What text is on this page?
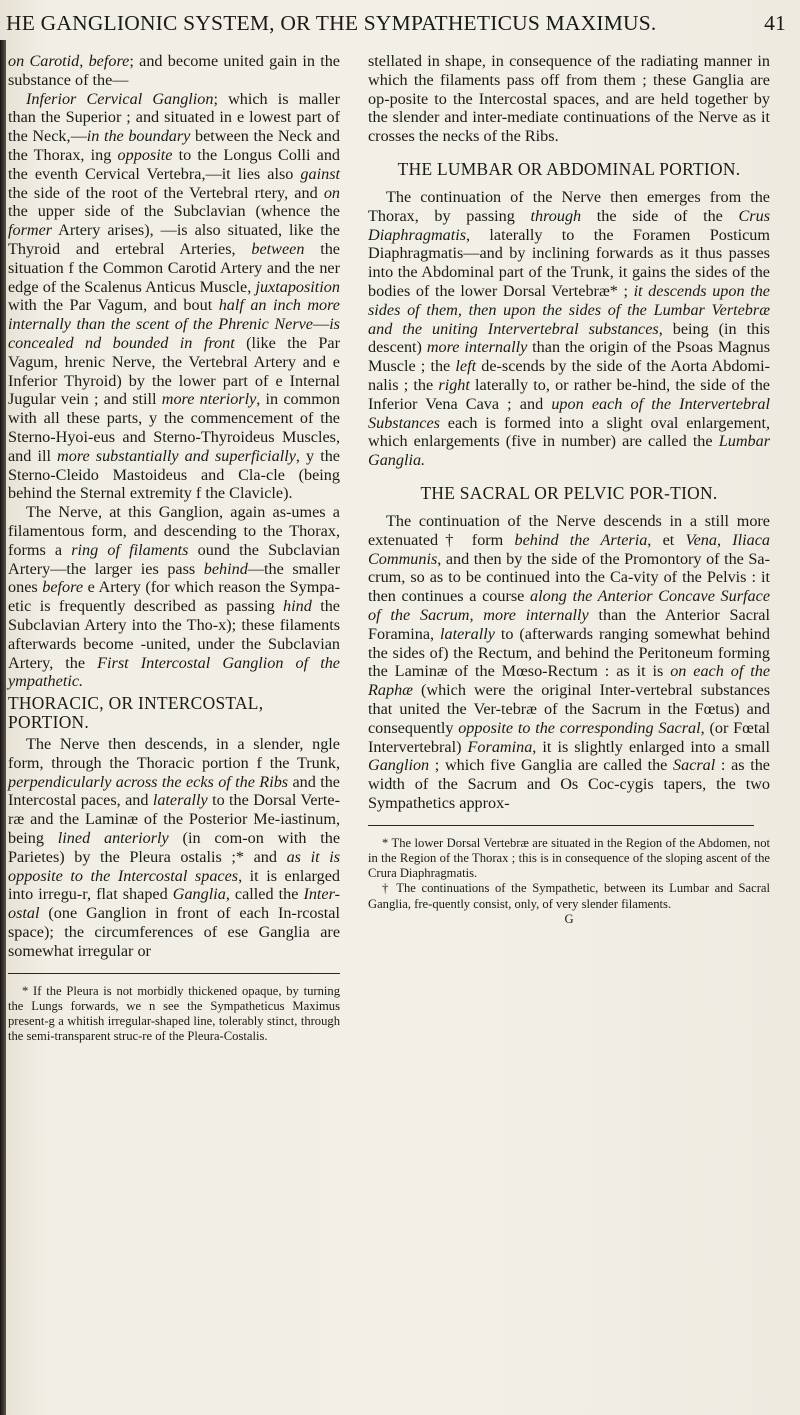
HE GANGLIONIC SYSTEM, OR THE SYMPATHETICUS MAXIMUS.	41

on Carotid, before; and become united gain in the substance of the—

Inferior Cervical Ganglion; which is maller than the Superior ; and situated in e lowest part of the Neck,—in the boundary between the Neck and the Thorax, ing opposite to the Longus Colli and the eventh Cervical Vertebra,—it lies also gainst the side of the root of the Vertebral rtery, and on the upper side of the Subclavian (whence the former Artery arises), —is also situated, like the Thyroid and ertebral Arteries, between the situation f the Common Carotid Artery and the ner edge of the Scalenus Anticus Muscle, juxtaposition with the Par Vagum, and bout half an inch more internally than the scent of the Phrenic Nerve—is concealed nd bounded in front (like the Par Vagum, hrenic Nerve, the Vertebral Artery and e Inferior Thyroid) by the lower part of e Internal Jugular vein ; and still more nteriorly, in common with all these parts, y the commencement of the Sterno-Hyoi-eus and Sterno-Thyroideus Muscles, and ill more substantially and superficially, y the Sterno-Cleido Mastoideus and Cla-cle (being behind the Sternal extremity f the Clavicle).

The Nerve, at this Ganglion, again as-umes a filamentous form, and descending to the Thorax, forms a ring of filaments ound the Subclavian Artery—the larger ies pass behind—the smaller ones before e Artery (for which reason the Sympa-etic is frequently described as passing hind the Subclavian Artery into the Tho-x); these filaments afterwards become -united, under the Subclavian Artery, the First Intercostal Ganglion of the ympathetic.

THORACIC, OR INTERCOSTAL, PORTION.

The Nerve then descends, in a slender, ngle form, through the Thoracic portion f the Trunk, perpendicularly across the ecks of the Ribs and the Intercostal paces, and laterally to the Dorsal Verte-ræ and the Laminæ of the Posterior Me-iastinum, being lined anteriorly (in com-on with the Parietes) by the Pleura ostalis ;* and as it is opposite to the Intercostal spaces, it is enlarged into irregu-r, flat shaped Ganglia, called the Inter-ostal (one Ganglion in front of each In-rcostal space); the circumferences of ese Ganglia are somewhat irregular or

* If the Pleura is not morbidly thickened opaque, by turning the Lungs forwards, we n see the Sympatheticus Maximus present-g a whitish irregular-shaped line, tolerably stinct, through the semi-transparent struc-re of the Pleura-Costalis.

stellated in shape, in consequence of the radiating manner in which the filaments pass off from them ; these Ganglia are op-posite to the Intercostal spaces, and are held together by the slender and inter-mediate continuations of the Nerve as it crosses the necks of the Ribs.

THE LUMBAR OR ABDOMINAL PORTION.

The continuation of the Nerve then emerges from the Thorax, by passing through the side of the Crus Diaphragmatis, laterally to the Foramen Posticum Diaphragmatis—and by inclining forwards as it thus passes into the Abdominal part of the Trunk, it gains the sides of the bodies of the lower Dorsal Vertebræ* ; it descends upon the sides of them, then upon the sides of the Lumbar Vertebræ and the uniting Intervertebral substances, being (in this descent) more internally than the origin of the Psoas Magnus Muscle ; the left de-scends by the side of the Aorta Abdomi-nalis ; the right laterally to, or rather be-hind, the side of the Inferior Vena Cava ; and upon each of the Intervertebral Substances each is formed into a slight oval enlargement, which enlargements (five in number) are called the Lumbar Ganglia.

THE SACRAL OR PELVIC POR-TION.

The continuation of the Nerve descends in a still more extenuated† form behind the Arteria, et Vena, Iliaca Communis, and then by the side of the Promontory of the Sa-crum, so as to be continued into the Ca-vity of the Pelvis : it then continues a course along the Anterior Concave Surface of the Sacrum, more internally than the Anterior Sacral Foramina, laterally to (afterwards ranging somewhat behind the sides of) the Rectum, and behind the Peritoneum forming the Laminæ of the Mœso-Rectum : as it is on each of the Raphæ (which were the original Inter-vertebral substances that united the Ver-tebræ of the Sacrum in the Fœtus) and consequently opposite to the corresponding Sacral, (or Fœtal Intervertebral) Foramina, it is slightly enlarged into a small Ganglion ; which five Ganglia are called the Sacral : as the width of the Sacrum and Os Coc-cygis tapers, the two Sympathetics approx-

* The lower Dorsal Vertebræ are situated in the Region of the Abdomen, not in the Region of the Thorax ; this is in consequence of the sloping ascent of the Crura Diaphragmatis.

† The continuations of the Sympathetic, between its Lumbar and Sacral Ganglia, fre-quently consist, only, of very slender filaments.

G
